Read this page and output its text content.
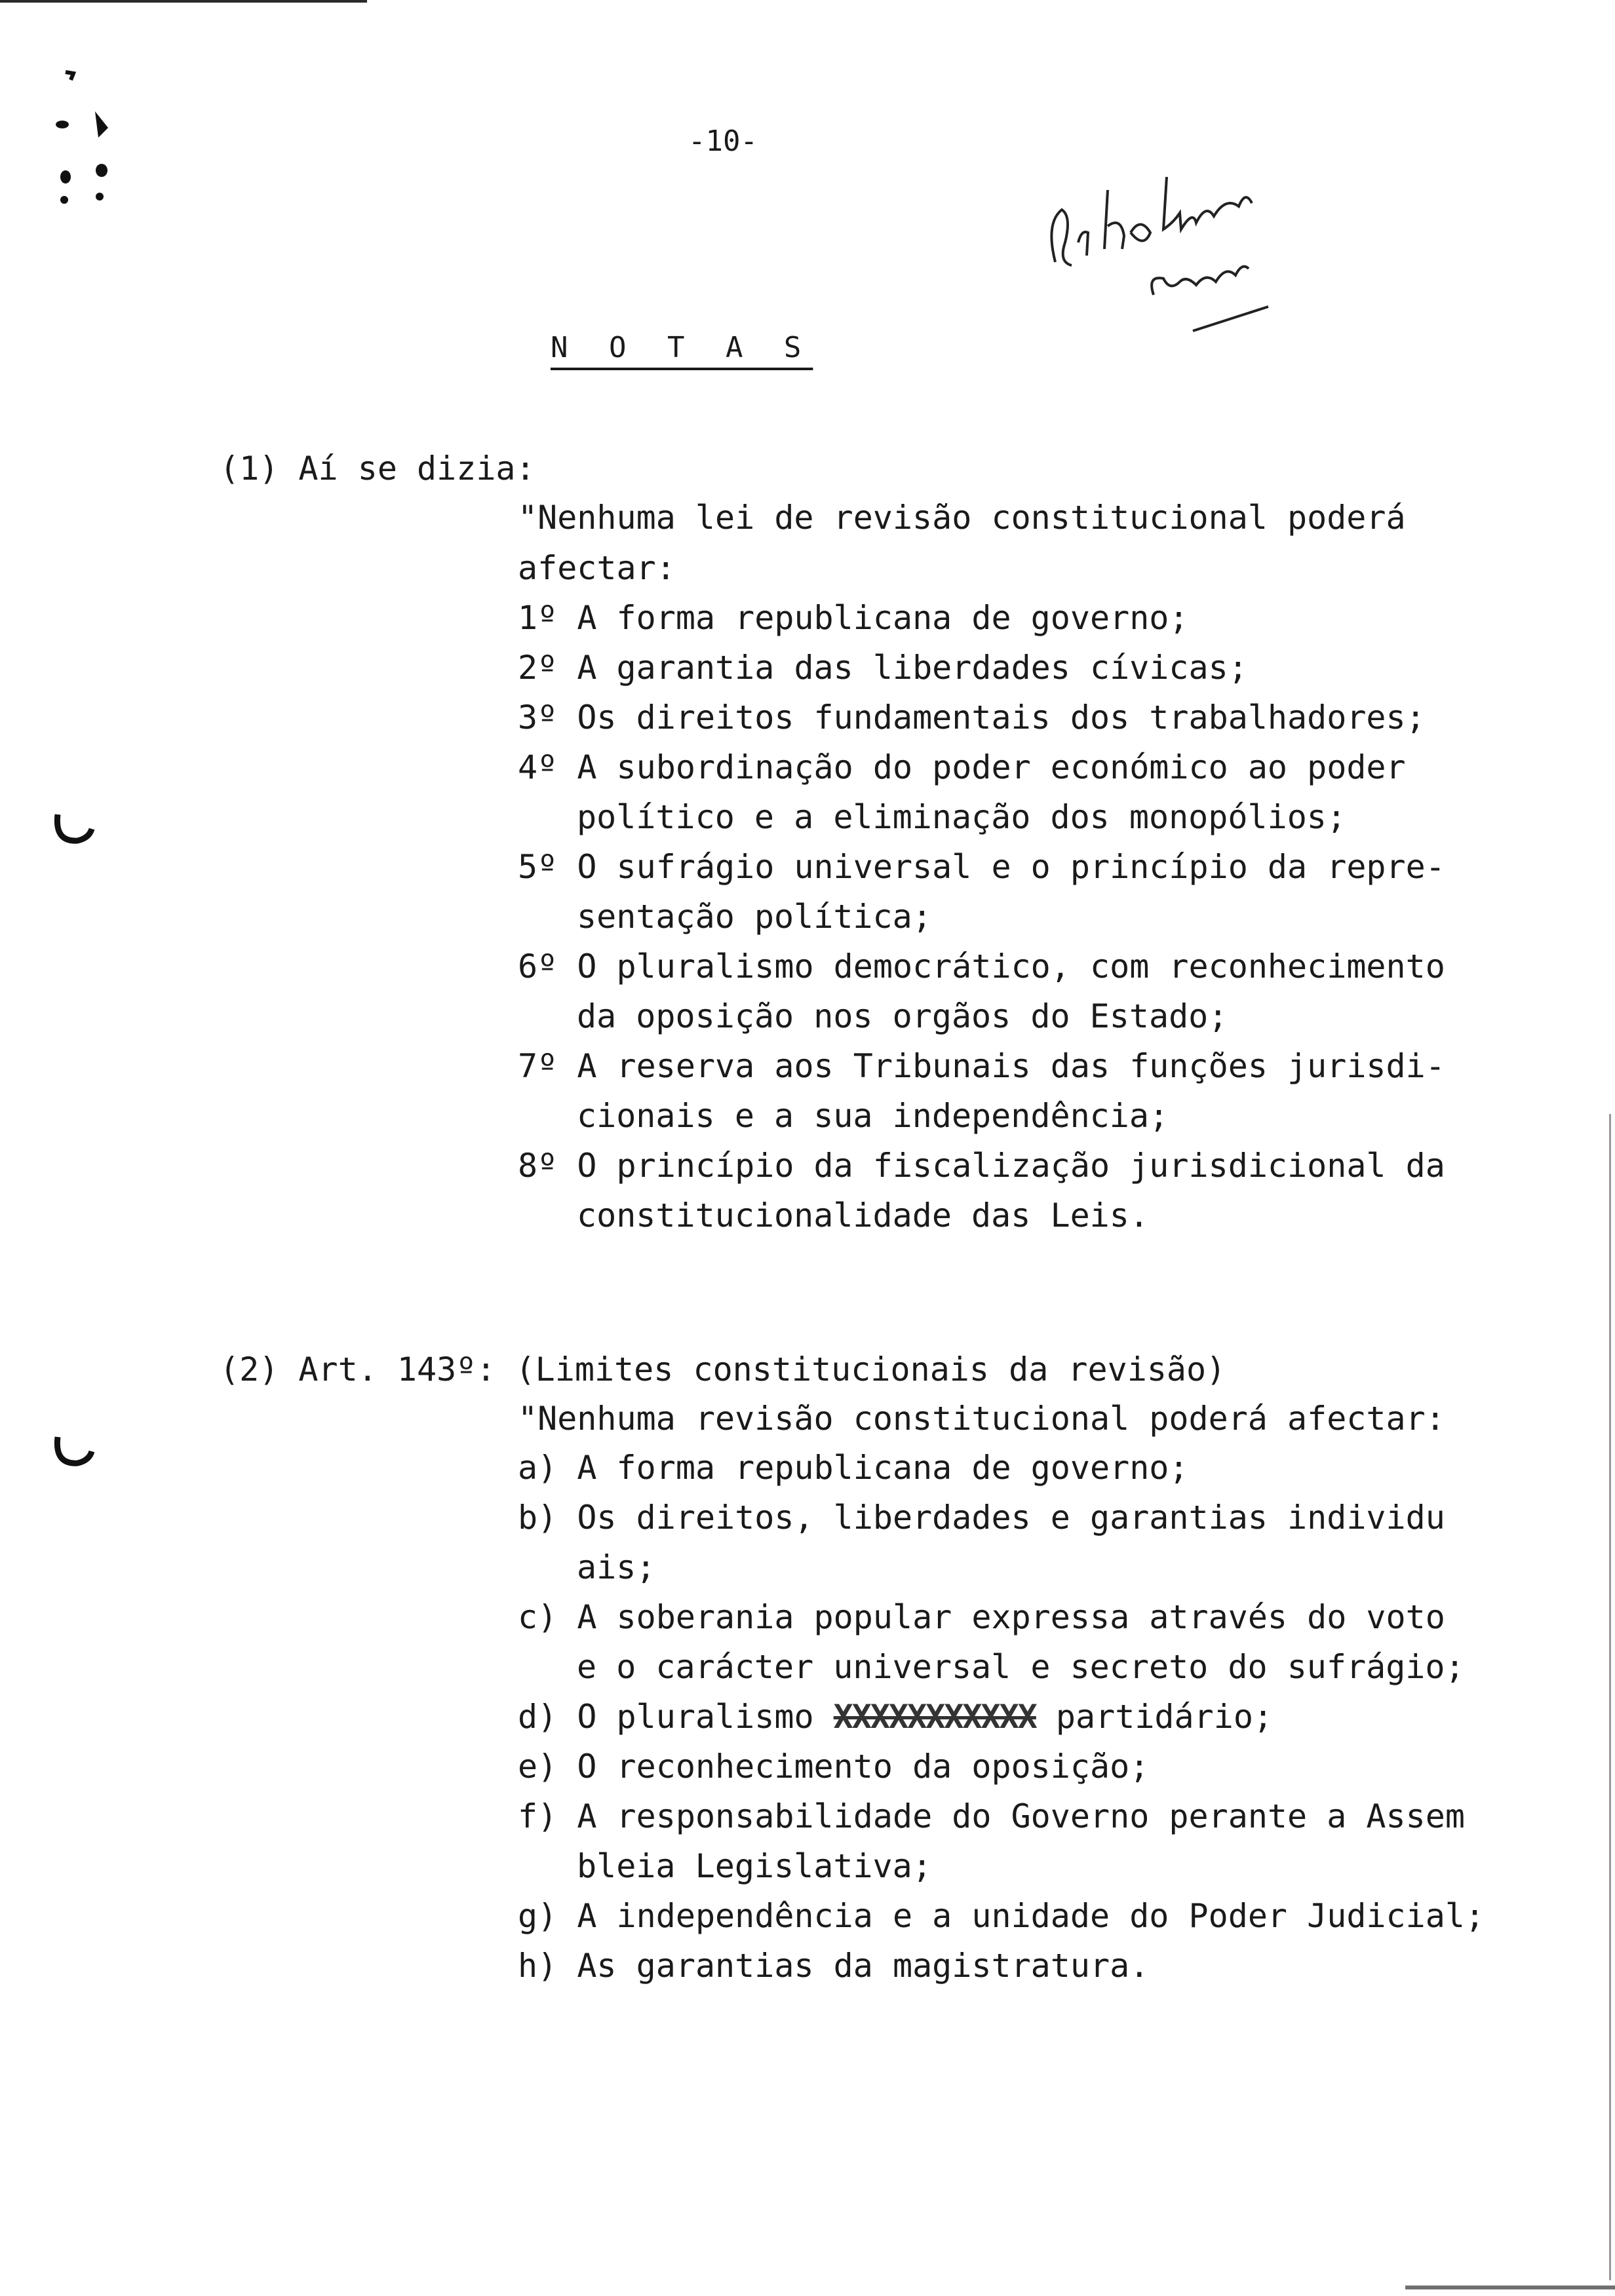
-10-
N O T A S
(1) Aí se dizia:
"Nenhuma lei de revisão constitucional poderá
afectar:
1º A forma republicana de governo;
2º A garantia das liberdades cívicas;
3º Os direitos fundamentais dos trabalhadores;
4º A subordinação do poder económico ao poder
político e a eliminação dos monopólios;
5º O sufrágio universal e o princípio da repre-
sentação política;
6º O pluralismo democrático, com reconhecimento
da oposição nos orgãos do Estado;
7º A reserva aos Tribunais das funções jurisdi-
cionais e a sua independência;
8º O princípio da fiscalização jurisdicional da
constitucionalidade das Leis.
(2) Art. 143º: (Limites constitucionais da revisão)
"Nenhuma revisão constitucional poderá afectar:
a) A forma republicana de governo;
b) Os direitos, liberdades e garantias individu
ais;
c) A soberania popular expressa através do voto
e o carácter universal e secreto do sufrágio;
d) O pluralismo XXXXXXXXXXX partidário;
e) O reconhecimento da oposição;
f) A responsabilidade do Governo perante a Assem
bleia Legislativa;
g) A independência e a unidade do Poder Judicial;
h) As garantias da magistratura.
